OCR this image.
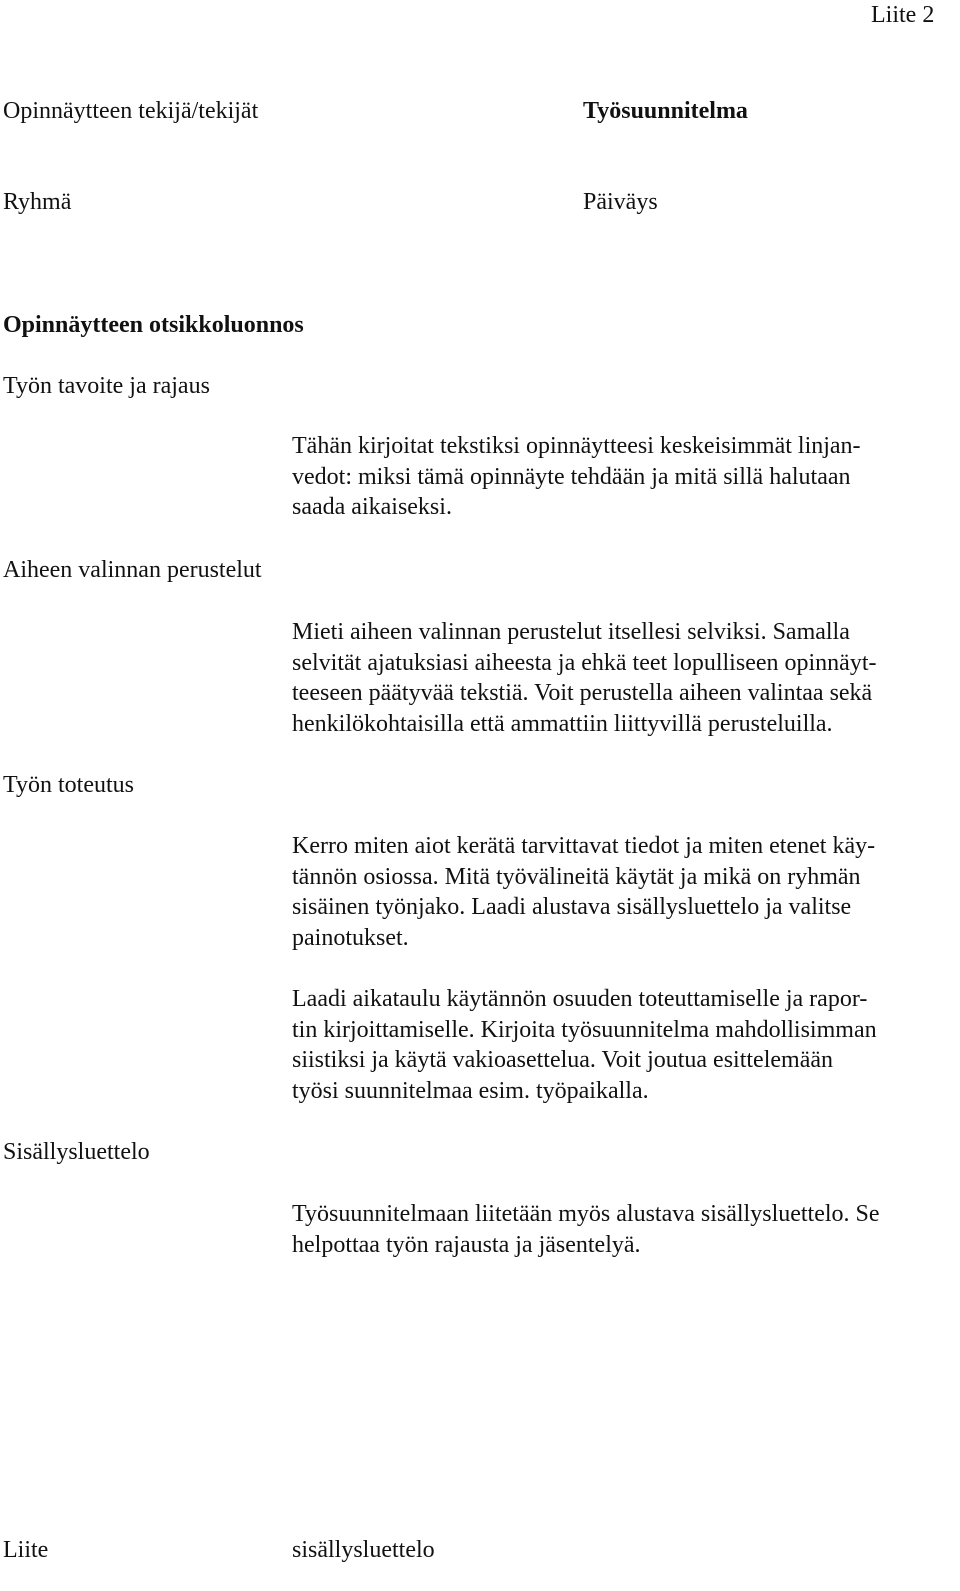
Liite 2
Opinnäytteen tekijä/tekijät	Työsuunnitelma
Ryhmä	Päiväys
Opinnäytteen otsikkoluonnos
Työn tavoite ja rajaus

Tähän kirjoitat tekstiksi opinnäytteesi keskeisimmät linjan-

vedot: miksi tämä opinnäyte tehdään ja mitä sillä halutaan

saada aikaiseksi.

Aiheen valinnan perustelut

Mieti aiheen valinnan perustelut itsellesi selviksi. Samalla

selvität ajatuksiasi aiheesta ja ehkä teet lopulliseen opinnäyt-

teeseen päätyvää tekstiä. Voit perustella aiheen valintaa sekä

henkilökohtaisilla että ammattiin liittyvillä perusteluilla.

Työn toteutus

Kerro miten aiot kerätä tarvittavat tiedot ja miten etenet käy-

tännön osiossa. Mitä työvälineitä käytät ja mikä on ryhmän

sisäinen työnjako. Laadi alustava sisällysluettelo ja valitse

painotukset.

Laadi aikataulu käytännön osuuden toteuttamiselle ja rapor-

tin kirjoittamiselle. Kirjoita työsuunnitelma mahdollisimman

siistiksi ja käytä vakioasettelua. Voit joutua esittelemään

työsi suunnitelmaa esim. työpaikalla.

Sisällysluettelo

Työsuunnitelmaan liitetään myös alustava sisällysluettelo. Se

helpottaa työn rajausta ja jäsentelyä.

Liite	sisällysluettelo
